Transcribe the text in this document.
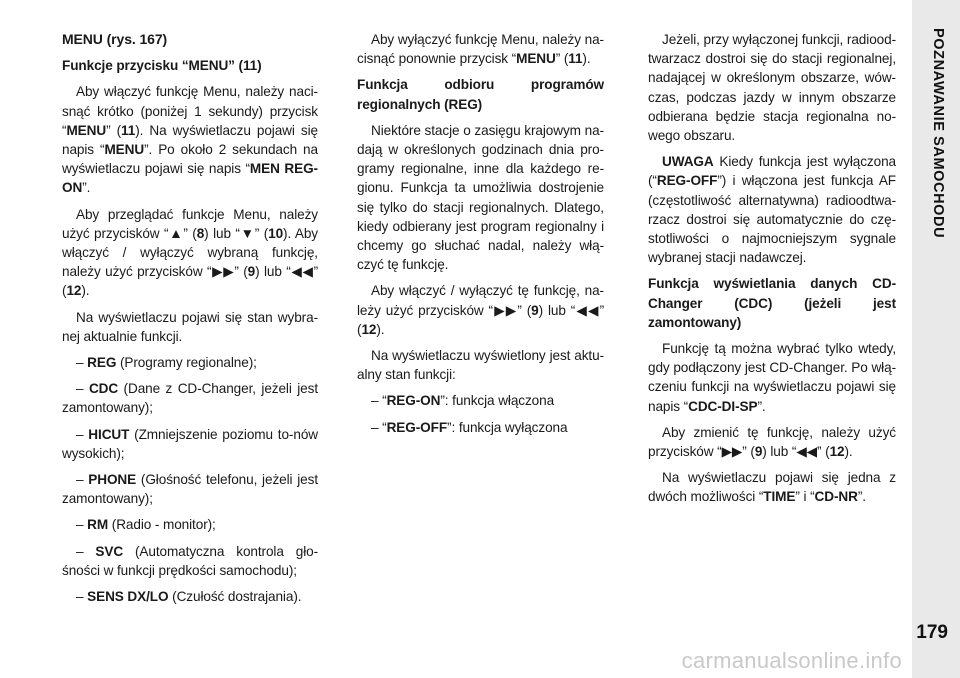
MENU (rys. 167)

Funkcje przycisku “MENU” (11)

Aby włączyć funkcję Menu, należy naci-snąć krótko (poniżej 1 sekundy) przycisk “MENU” (11). Na wyświetlaczu pojawi się napis “MENU”. Po około 2 sekundach na wyświetlaczu pojawi się napis “MEN REG-ON”.

Aby przeglądać funkcje Menu, należy użyć przycisków “▲” (8) lub “▼” (10). Aby włączyć / wyłączyć wybraną funkcję, należy użyć przycisków “▶▶” (9) lub “◀◀” (12).

Na wyświetlaczu pojawi się stan wybra-nej aktualnie funkcji.

– REG (Programy regionalne);

– CDC (Dane z CD-Changer, jeżeli jest zamontowany);

– HICUT (Zmniejszenie poziomu to-nów wysokich);

– PHONE (Głośność telefonu, jeżeli jest zamontowany);

– RM (Radio - monitor);

– SVC (Automatyczna kontrola gło-śności w funkcji prędkości samochodu);

– SENS DX/LO (Czułość dostrajania).

Aby wyłączyć funkcję Menu, należy na-cisnąć ponownie przycisk “MENU” (11).

Funkcja odbioru programów regionalnych (REG)

Niektóre stacje o zasięgu krajowym na-dają w określonych godzinach dnia pro-gramy regionalne, inne dla każdego re-gionu. Funkcja ta umożliwia dostrojenie się tylko do stacji regionalnych. Dlatego, kiedy odbierany jest program regionalny i chcemy go słuchać nadal, należy włą-czyć tę funkcję.

Aby włączyć / wyłączyć tę funkcję, na-leży użyć przycisków “▶▶” (9) lub “◀◀” (12).

Na wyświetlaczu wyświetlony jest aktu-alny stan funkcji:

– “REG-ON”: funkcja włączona

– “REG-OFF”: funkcja wyłączona

Jeżeli, przy wyłączonej funkcji, radiood-twarzacz dostroi się do stacji regionalnej, nadającej w określonym obszarze, wów-czas, podczas jazdy w innym obszarze odbierana będzie stacja regionalna no-wego obszaru.

UWAGA Kiedy funkcja jest wyłączona (“REG-OFF”) i włączona jest funkcja AF (częstotliwość alternatywna) radioodtwa-rzacz dostroi się automatycznie do czę-stotliwości o najmocniejszym sygnale wybranej stacji nadawczej.

Funkcja wyświetlania danych CD-Changer (CDC) (jeżeli jest zamontowany)

Funkcję tą można wybrać tylko wtedy, gdy podłączony jest CD-Changer. Po włą-czeniu funkcji na wyświetlaczu pojawi się napis “CDC-DI-SP”.

Aby zmienić tę funkcję, należy użyć przycisków “▶▶” (9) lub “◀◀” (12).

Na wyświetlaczu pojawi się jedna z dwóch możliwości “TIME” i “CD-NR”.

POZNAWANIE SAMOCHODU
179
carmanualsonline.info
